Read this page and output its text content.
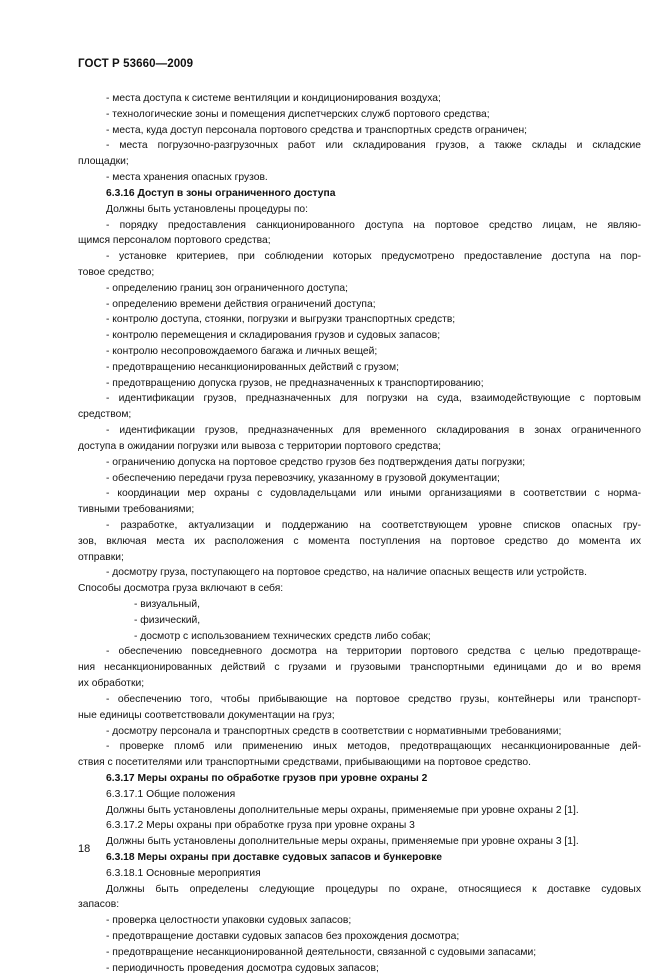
ГОСТ Р 53660—2009
- места доступа к системе вентиляции и кондиционирования воздуха;
- технологические зоны и помещения диспетчерских служб портового средства;
- места, куда доступ персонала портового средства и транспортных средств ограничен;
- места погрузочно-разгрузочных работ или складирования грузов, а также склады и складские
площадки;
- места хранения опасных грузов.
6.3.16 Доступ в зоны ограниченного доступа
Должны быть установлены процедуры по:
- порядку предоставления санкционированного доступа на портовое средство лицам, не являю-
щимся персоналом портового средства;
- установке критериев, при соблюдении которых предусмотрено предоставление доступа на пор-
товое средство;
- определению границ зон ограниченного доступа;
- определению времени действия ограничений доступа;
- контролю доступа, стоянки, погрузки и выгрузки транспортных средств;
- контролю перемещения и складирования грузов и судовых запасов;
- контролю несопровождаемого багажа и личных вещей;
- предотвращению несанкционированных действий с грузом;
- предотвращению допуска грузов, не предназначенных к транспортированию;
- идентификации грузов, предназначенных для погрузки на суда, взаимодействующие с портовым
средством;
- идентификации грузов, предназначенных для временного складирования в зонах ограниченного
доступа в ожидании погрузки или вывоза с территории портового средства;
- ограничению допуска на портовое средство грузов без подтверждения даты погрузки;
- обеспечению передачи груза перевозчику, указанному в грузовой документации;
- координации мер охраны с судовладельцами или иными организациями в соответствии с норма-
тивными требованиями;
- разработке, актуализации и поддержанию на соответствующем уровне списков опасных гру-
зов, включая места их расположения с момента поступления на портовое средство до момента их
отправки;
- досмотру груза, поступающего на портовое средство, на наличие опасных веществ или устройств.
Способы досмотра груза включают в себя:
- визуальный,
- физический,
- досмотр с использованием технических средств либо собак;
- обеспечению повседневного досмотра на территории портового средства с целью предотвраще-
ния несанкционированных действий с грузами и грузовыми транспортными единицами до и во время
их обработки;
- обеспечению того, чтобы прибывающие на портовое средство грузы, контейнеры или транспорт-
ные единицы соответствовали документации на груз;
- досмотру персонала и транспортных средств в соответствии с нормативными требованиями;
- проверке пломб или применению иных методов, предотвращающих несанкционированные дей-
ствия с посетителями или транспортными средствами, прибывающими на портовое средство.
6.3.17 Меры охраны по обработке грузов при уровне охраны 2
6.3.17.1 Общие положения
Должны быть установлены дополнительные меры охраны, применяемые при уровне охраны 2 [1].
6.3.17.2 Меры охраны при обработке груза при уровне охраны 3
Должны быть установлены дополнительные меры охраны, применяемые при уровне охраны 3 [1].
6.3.18 Меры охраны при доставке судовых запасов и бункеровке
6.3.18.1 Основные мероприятия
Должны быть определены следующие процедуры по охране, относящиеся к доставке судовых
запасов:
- проверка целостности упаковки судовых запасов;
- предотвращение доставки судовых запасов без прохождения досмотра;
- предотвращение несанкционированной деятельности, связанной с судовыми запасами;
- периодичность проведения досмотра судовых запасов;
18
